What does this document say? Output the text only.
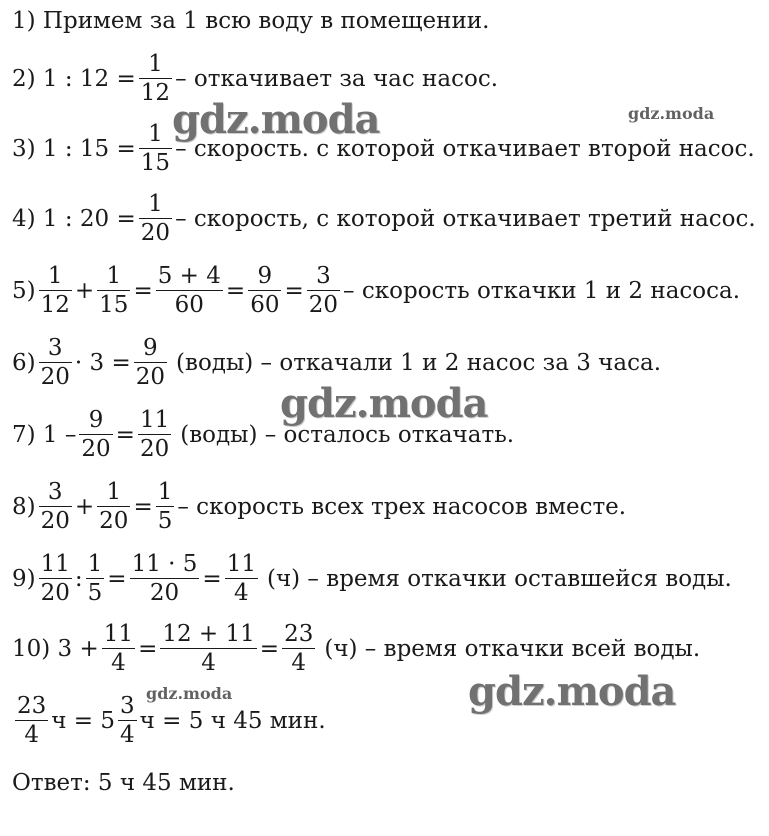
1) Примем за 1 всю воду в помещении.
2) 1 : $12 = \frac{1}{12}$ – откачивает за час насос.
3) 1 : $15 = \frac{1}{15}$ – скорость. с которой откачивает второй насос.
4) 1 : $20 = \frac{1}{20}$ – скорость, с которой откачивает третий насос.
$5) \frac{1}{12} + \frac{1}{15} = \frac{5 + 4}{60} = \frac{9}{60} = \frac{3}{20}$ – скорость откачки 1 и 2 насоса.
$6) \frac{3}{20} \cdot 3 = \frac{9}{20}$ (воды) – откачали 1 и 2 насос за 3 часа.
7) $1 - \frac{9}{20} = \frac{11}{20}$ (воды) – осталось откачать.
$8) \frac{3}{20} + \frac{1}{20} = \frac{1}{5}$ – скорость всех трех насосов вместе.
$9) \frac{11}{20}$ : $\frac{1}{5} = \frac{11 \cdot 5}{20} = \frac{11}{4} (ч)$ – время откачки оставшейся воды.
10) $3 + \frac{11}{4} = \frac{12 + 11}{4} = \frac{23}{4} (ч)$ – время откачки всей воды.
$\frac{23}{4}$ $ч = 5 \frac{3}{4}$ ч = 5 ч 45 мин.
Ответ: 5 ч 45 мин.
gdz.moda	gdz.moda
gdz.moda
gdz.moda	gdz.moda
